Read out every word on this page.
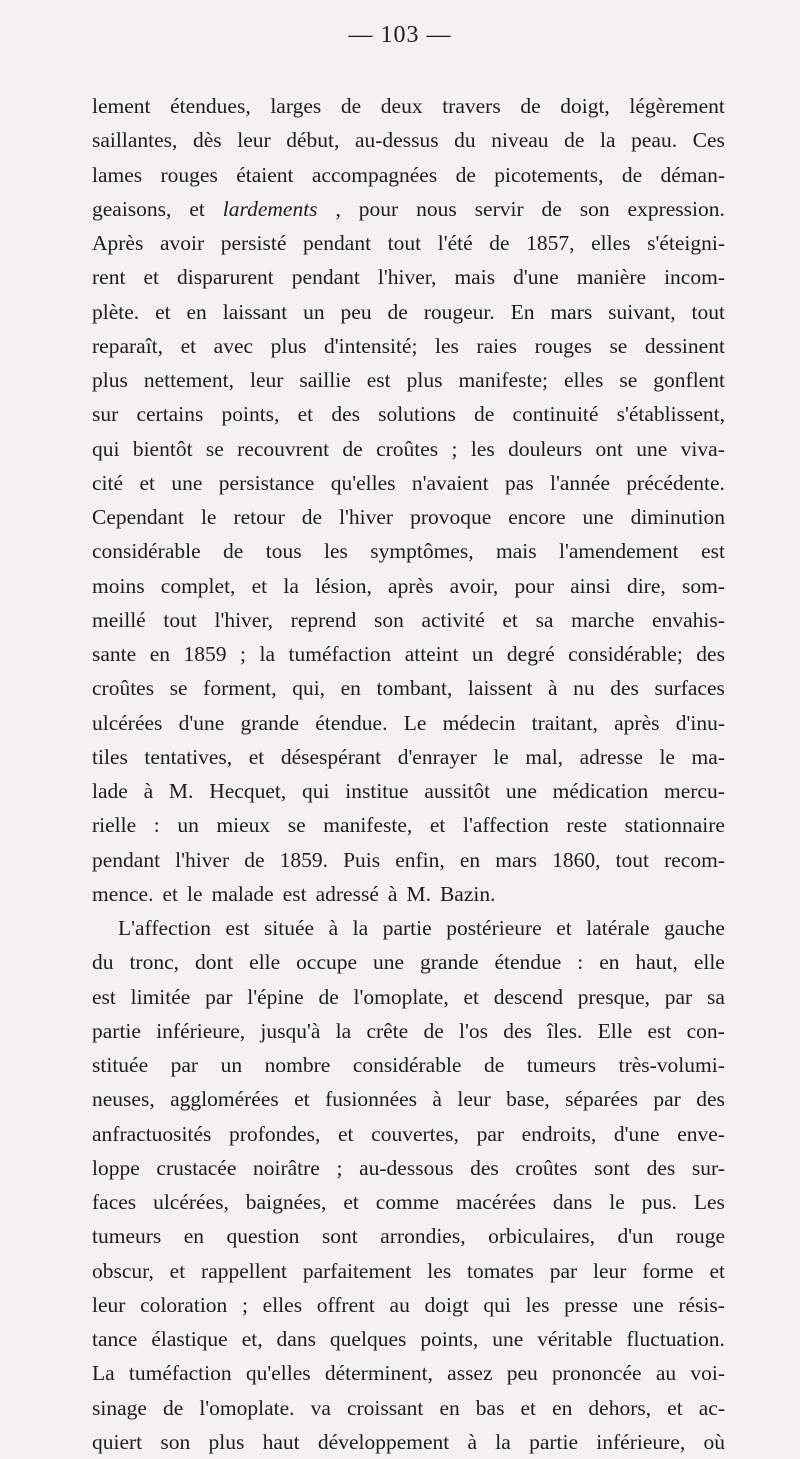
— 103 —
lement étendues, larges de deux travers de doigt, légèrement
saillantes, dès leur début, au-dessus du niveau de la peau. Ces
lames rouges étaient accompagnées de picotements, de déman-
geaisons, et lardements , pour nous servir de son expression.
Après avoir persisté pendant tout l'été de 1857, elles s'éteigni-
rent et disparurent pendant l'hiver, mais d'une manière incom-
plète. et en laissant un peu de rougeur. En mars suivant, tout
reparaît, et avec plus d'intensité; les raies rouges se dessinent
plus nettement, leur saillie est plus manifeste; elles se gonflent
sur certains points, et des solutions de continuité s'établissent,
qui bientôt se recouvrent de croûtes ; les douleurs ont une viva-
cité et une persistance qu'elles n'avaient pas l'année précédente.
Cependant le retour de l'hiver provoque encore une diminution
considérable de tous les symptômes, mais l'amendement est
moins complet, et la lésion, après avoir, pour ainsi dire, som-
meillé tout l'hiver, reprend son activité et sa marche envahis-
sante en 1859 ; la tuméfaction atteint un degré considérable; des
croûtes se forment, qui, en tombant, laissent à nu des surfaces
ulcérées d'une grande étendue. Le médecin traitant, après d'inu-
tiles tentatives, et désespérant d'enrayer le mal, adresse le ma-
lade à M. Hecquet, qui institue aussitôt une médication mercu-
rielle : un mieux se manifeste, et l'affection reste stationnaire
pendant l'hiver de 1859. Puis enfin, en mars 1860, tout recom-
mence. et le malade est adressé à M. Bazin.
L'affection est située à la partie postérieure et latérale gauche
du tronc, dont elle occupe une grande étendue : en haut, elle
est limitée par l'épine de l'omoplate, et descend presque, par sa
partie inférieure, jusqu'à la crête de l'os des îles. Elle est con-
stituée par un nombre considérable de tumeurs très-volumi-
neuses, agglomérées et fusionnées à leur base, séparées par des
anfractuosités profondes, et couvertes, par endroits, d'une enve-
loppe crustacée noirâtre ; au-dessous des croûtes sont des sur-
faces ulcérées, baignées, et comme macérées dans le pus. Les
tumeurs en question sont arrondies, orbiculaires, d'un rouge
obscur, et rappellent parfaitement les tomates par leur forme et
leur coloration ; elles offrent au doigt qui les presse une résis-
tance élastique et, dans quelques points, une véritable fluctuation.
La tuméfaction qu'elles déterminent, assez peu prononcée au voi-
sinage de l'omoplate. va croissant en bas et en dehors, et ac-
quiert son plus haut développement à la partie inférieure, où
